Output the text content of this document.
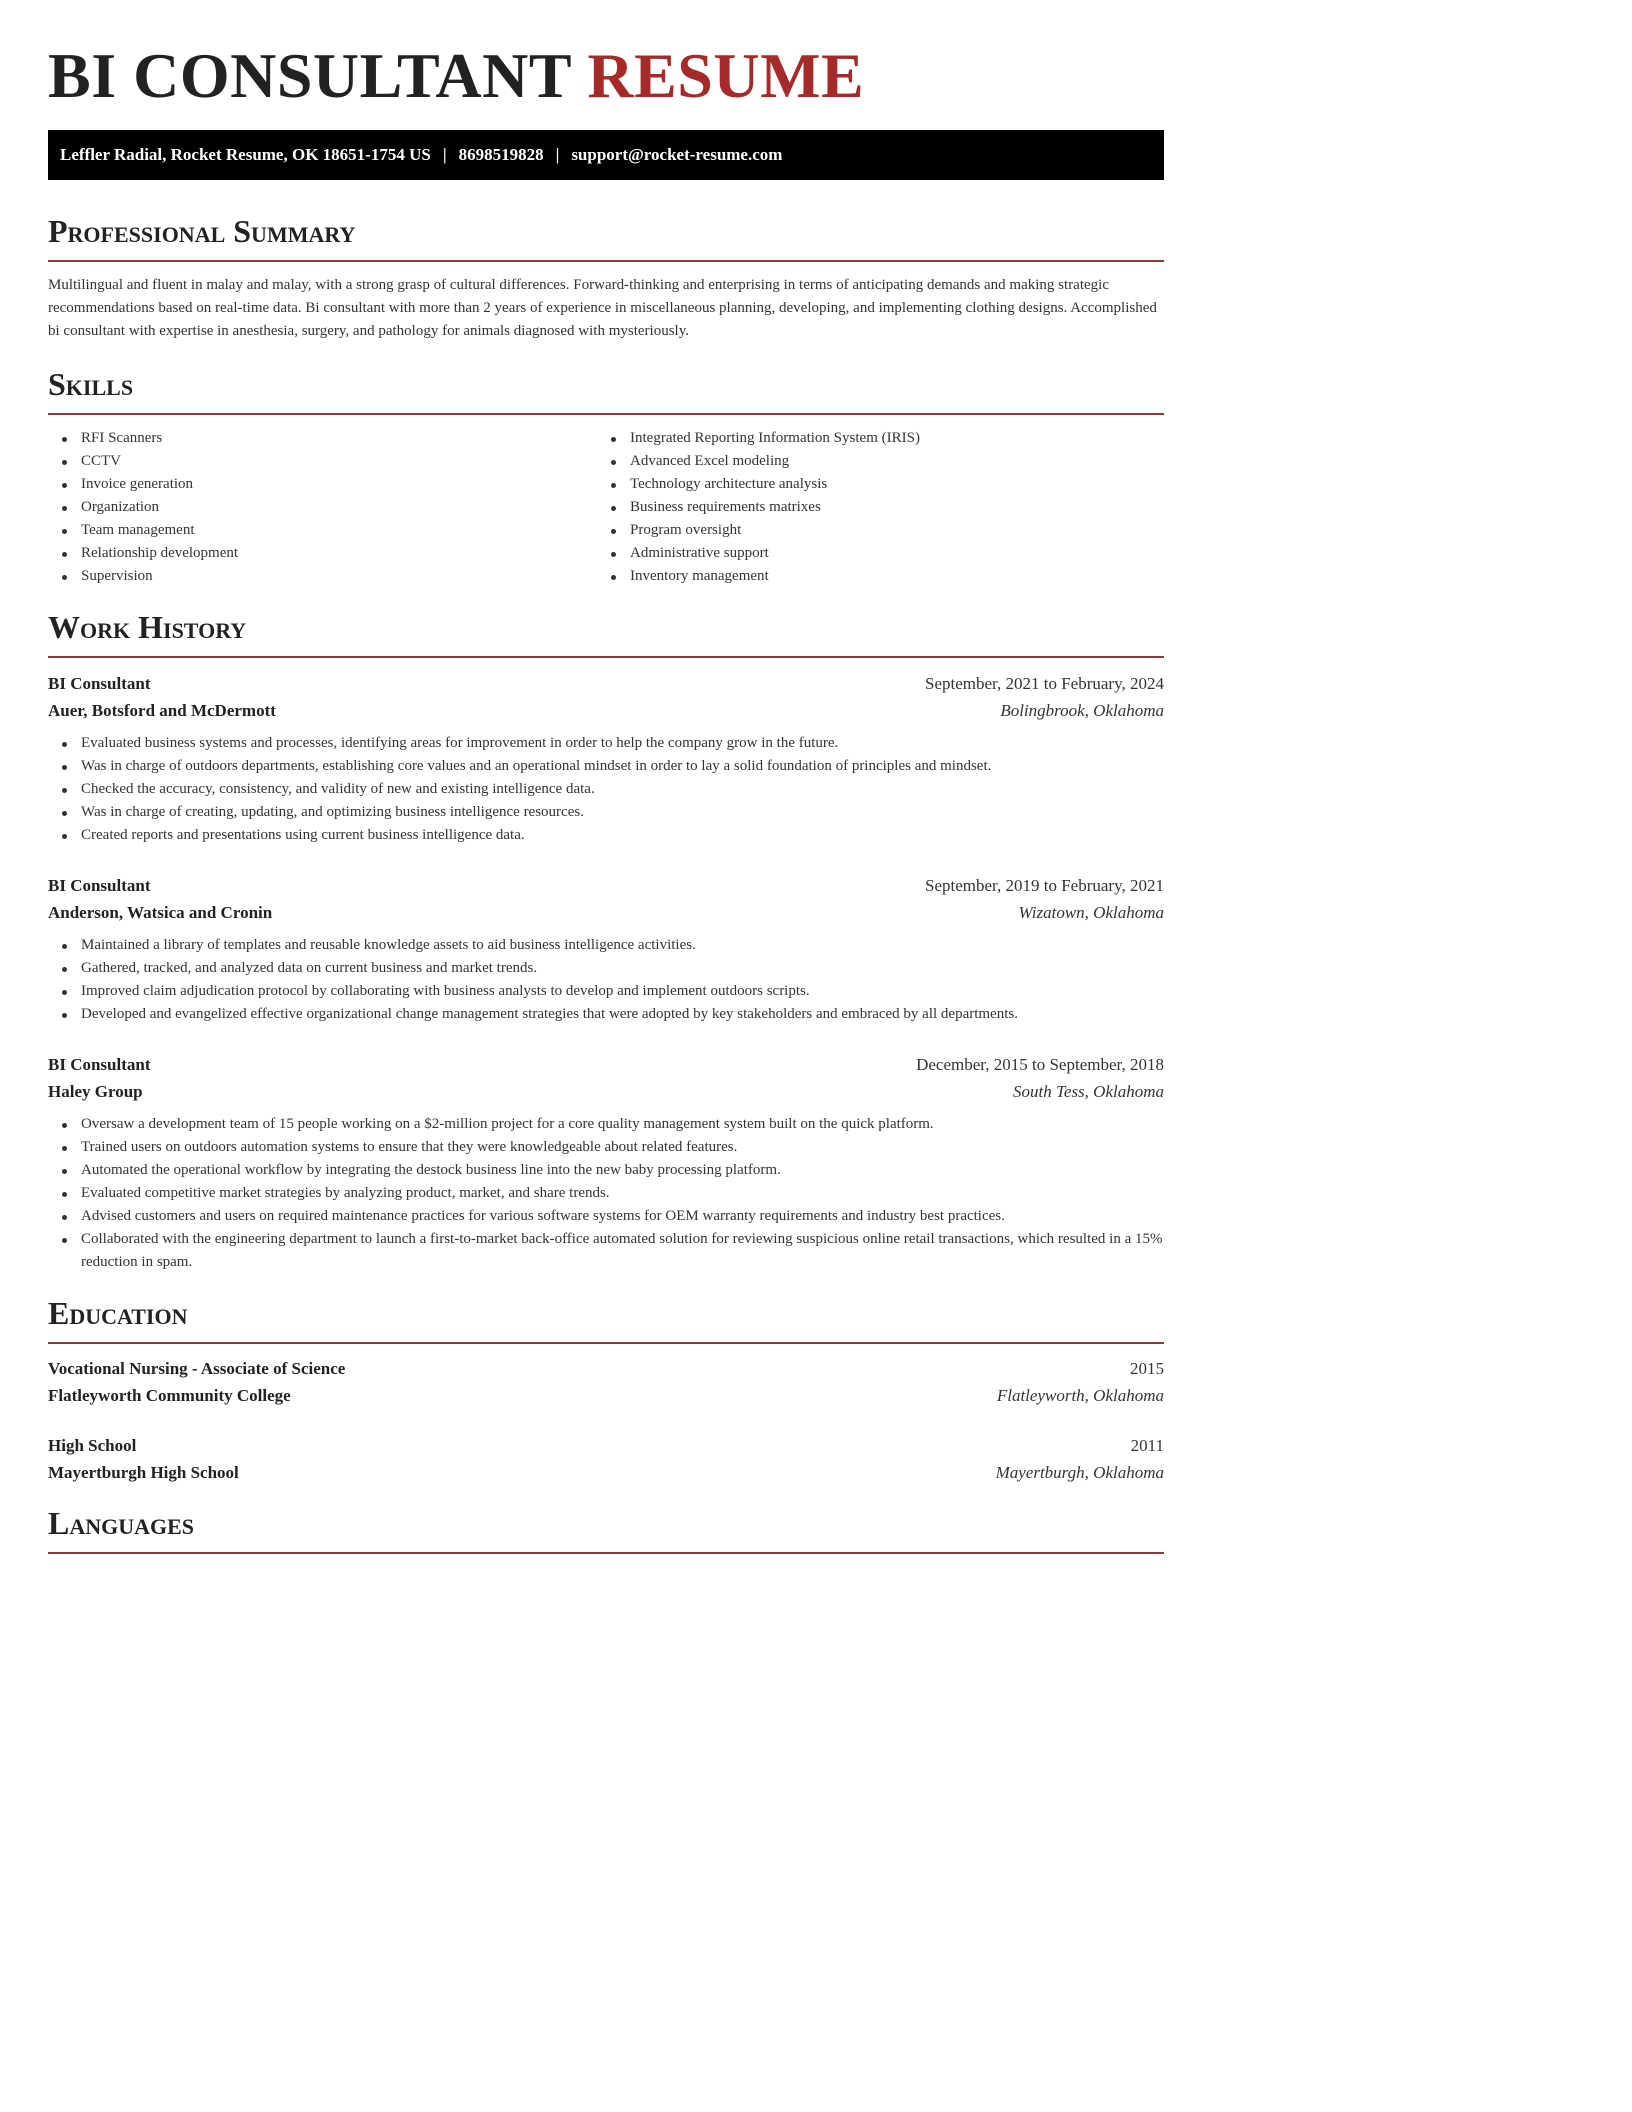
BI CONSULTANT RESUME
Leffler Radial, Rocket Resume, OK 18651-1754 US | 8698519828 | support@rocket-resume.com
Professional Summary

Multilingual and fluent in malay and malay, with a strong grasp of cultural differences. Forward-thinking and enterprising in terms of anticipating demands and making strategic recommendations based on real-time data. Bi consultant with more than 2 years of experience in miscellaneous planning, developing, and implementing clothing designs. Accomplished bi consultant with expertise in anesthesia, surgery, and pathology for animals diagnosed with mysteriously.

Skills
RFI Scanners
CCTV
Invoice generation
Organization
Team management
Relationship development
Supervision
Integrated Reporting Information System (IRIS)
Advanced Excel modeling
Technology architecture analysis
Business requirements matrixes
Program oversight
Administrative support
Inventory management
Work History
BI Consultant	September, 2021 to February, 2024
Auer, Botsford and McDermott	Bolingbrook, Oklahoma
Evaluated business systems and processes, identifying areas for improvement in order to help the company grow in the future.
Was in charge of outdoors departments, establishing core values and an operational mindset in order to lay a solid foundation of principles and mindset.
Checked the accuracy, consistency, and validity of new and existing intelligence data.
Was in charge of creating, updating, and optimizing business intelligence resources.
Created reports and presentations using current business intelligence data.
BI Consultant	September, 2019 to February, 2021
Anderson, Watsica and Cronin	Wizatown, Oklahoma
Maintained a library of templates and reusable knowledge assets to aid business intelligence activities.
Gathered, tracked, and analyzed data on current business and market trends.
Improved claim adjudication protocol by collaborating with business analysts to develop and implement outdoors scripts.
Developed and evangelized effective organizational change management strategies that were adopted by key stakeholders and embraced by all departments.
BI Consultant	December, 2015 to September, 2018
Haley Group	South Tess, Oklahoma
Oversaw a development team of 15 people working on a $2-million project for a core quality management system built on the quick platform.
Trained users on outdoors automation systems to ensure that they were knowledgeable about related features.
Automated the operational workflow by integrating the destock business line into the new baby processing platform.
Evaluated competitive market strategies by analyzing product, market, and share trends.
Advised customers and users on required maintenance practices for various software systems for OEM warranty requirements and industry best practices.
Collaborated with the engineering department to launch a first-to-market back-office automated solution for reviewing suspicious online retail transactions, which resulted in a 15% reduction in spam.
Education
Vocational Nursing - Associate of Science	2015
Flatleyworth Community College	Flatleyworth, Oklahoma
High School	2011
Mayertburgh High School	Mayertburgh, Oklahoma
Languages
